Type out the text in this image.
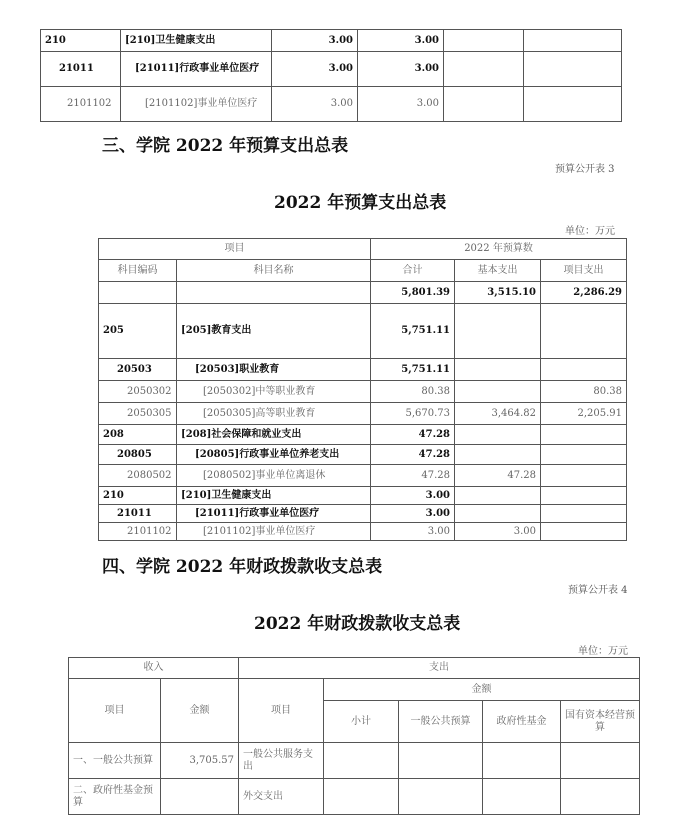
210	[210]卫生健康支出	3.00	3.00		
21011	[21011]行政事业单位医疗	3.00	3.00		
2101102	[2101102]事业单位医疗	3.00	3.00		
三、学院 2022 年预算支出总表
预算公开表 3
2022 年预算支出总表
单位：万元
项目		2022 年预算数		
科目编码	科目名称	合计	基本支出	项目支出
		5,801.39	3,515.10	2,286.29
205	[205]教育支出	5,751.11		
20503	[20503]职业教育	5,751.11		
2050302	[2050302]中等职业教育	80.38		80.38
2050305	[2050305]高等职业教育	5,670.73	3,464.82	2,205.91
208	[208]社会保障和就业支出	47.28		
20805	[20805]行政事业单位养老支出	47.28		
2080502	[2080502]事业单位离退休	47.28	47.28	
210	[210]卫生健康支出	3.00		
21011	[21011]行政事业单位医疗	3.00		
2101102	[2101102]事业单位医疗	3.00	3.00	
四、学院 2022 年财政拨款收支总表
预算公开表 4
2022 年财政拨款收支总表
单位：万元
收入		支出				
项目	金额	项目	金额			
			小计	一般公共预算	政府性基金	国有资本经营预算
一、一般公共预算	3,705.57	一般公共服务支出				
二、政府性基金预算		外交支出				
